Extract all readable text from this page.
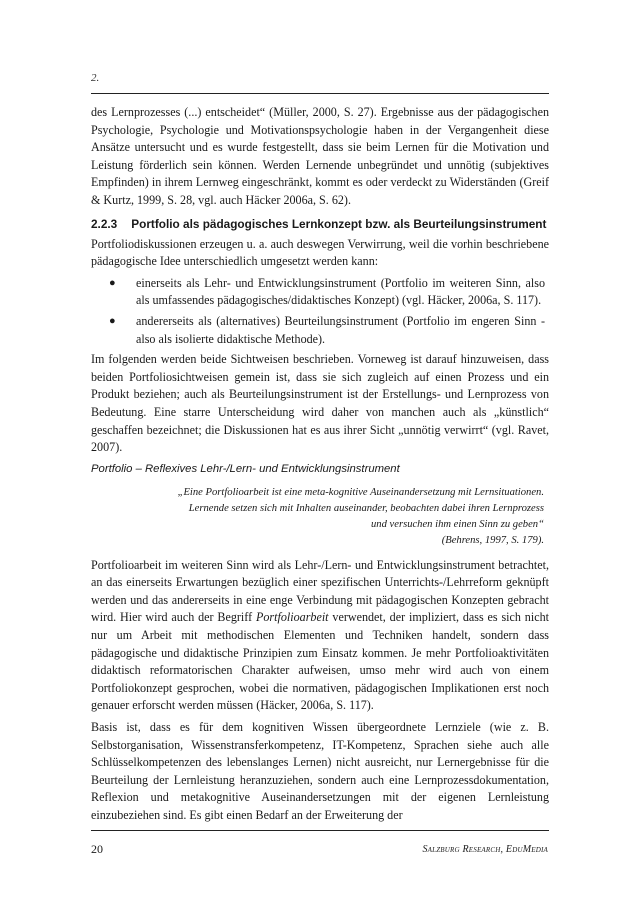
2.

des Lernprozesses (...) entscheidet“ (Müller, 2000, S. 27). Ergebnisse aus der pädagogischen Psychologie, Psychologie und Motivationspsychologie haben in der Vergangenheit diese Ansätze untersucht und es wurde festgestellt, dass sie beim Lernen für die Motivation und Leistung förderlich sein können. Werden Lernende unbegründet und unnötig (subjektives Empfinden) in ihrem Lernweg eingeschränkt, kommt es oder verdeckt zu Widerständen (Greif & Kurtz, 1999, S. 28, vgl. auch Häcker 2006a, S. 62).

2.2.3 Portfolio als pädagogisches Lernkonzept bzw. als Beurteilungsinstrument

Portfoliodiskussionen erzeugen u. a. auch deswegen Verwirrung, weil die vorhin beschriebene pädagogische Idee unterschiedlich umgesetzt werden kann:

● einerseits als Lehr- und Entwicklungsinstrument (Portfolio im weiteren Sinn, also als umfassendes pädagogisches/didaktisches Konzept) (vgl. Häcker, 2006a, S. 117).
● andererseits als (alternatives) Beurteilungsinstrument (Portfolio im engeren Sinn - also als isolierte didaktische Methode).

Im folgenden werden beide Sichtweisen beschrieben. Vorneweg ist darauf hinzuweisen, dass beiden Portfoliosichtweisen gemein ist, dass sie sich zugleich auf einen Prozess und ein Produkt beziehen; auch als Beurteilungsinstrument ist der Erstellungs- und Lernprozess von Bedeutung. Eine starre Unterscheidung wird daher von manchen auch als „künstlich“ geschaffen bezeichnet; die Diskussionen hat es aus ihrer Sicht „unnötig verwirrt“ (vgl. Ravet, 2007).

Portfolio – Reflexives Lehr-/Lern- und Entwicklungsinstrument
„Eine Portfolioarbeit ist eine meta-kognitive Auseinandersetzung mit Lernsituationen.
Lernende setzen sich mit Inhalten auseinander, beobachten dabei ihren Lernprozess
und versuchen ihm einen Sinn zu geben“
(Behrens, 1997, S. 179).

Portfolioarbeit im weiteren Sinn wird als Lehr-/Lern- und Entwicklungsinstrument betrachtet, an das einerseits Erwartungen bezüglich einer spezifischen Unterrichts-/Lehrreform geknüpft werden und das andererseits in eine enge Verbindung mit pädagogischen Konzepten gebracht wird. Hier wird auch der Begriff Portfolioarbeit verwendet, der impliziert, dass es sich nicht nur um Arbeit mit methodischen Elementen und Techniken handelt, sondern dass pädagogische und didaktische Prinzipien zum Einsatz kommen. Je mehr Portfolioaktivitäten didaktisch reformatorischen Charakter aufweisen, umso mehr wird auch von einem Portfoliokonzept gesprochen, wobei die normativen, pädagogischen Implikationen erst noch genauer erforscht werden müssen (Häcker, 2006a, S. 117).

Basis ist, dass es für dem kognitiven Wissen übergeordnete Lernziele (wie z. B. Selbstorganisation, Wissenstransferkompetenz, IT-Kompetenz, Sprachen siehe auch alle Schlüsselkompetenzen des lebenslanges Lernen) nicht ausreicht, nur Lernergebnisse für die Beurteilung der Lernleistung heranzuziehen, sondern auch eine Lernprozessdokumentation, Reflexion und metakognitive Auseinandersetzungen mit der eigenen Lernleistung einzubeziehen sind. Es gibt einen Bedarf an der Erweiterung der

20	Salzburg Research, EduMedia
